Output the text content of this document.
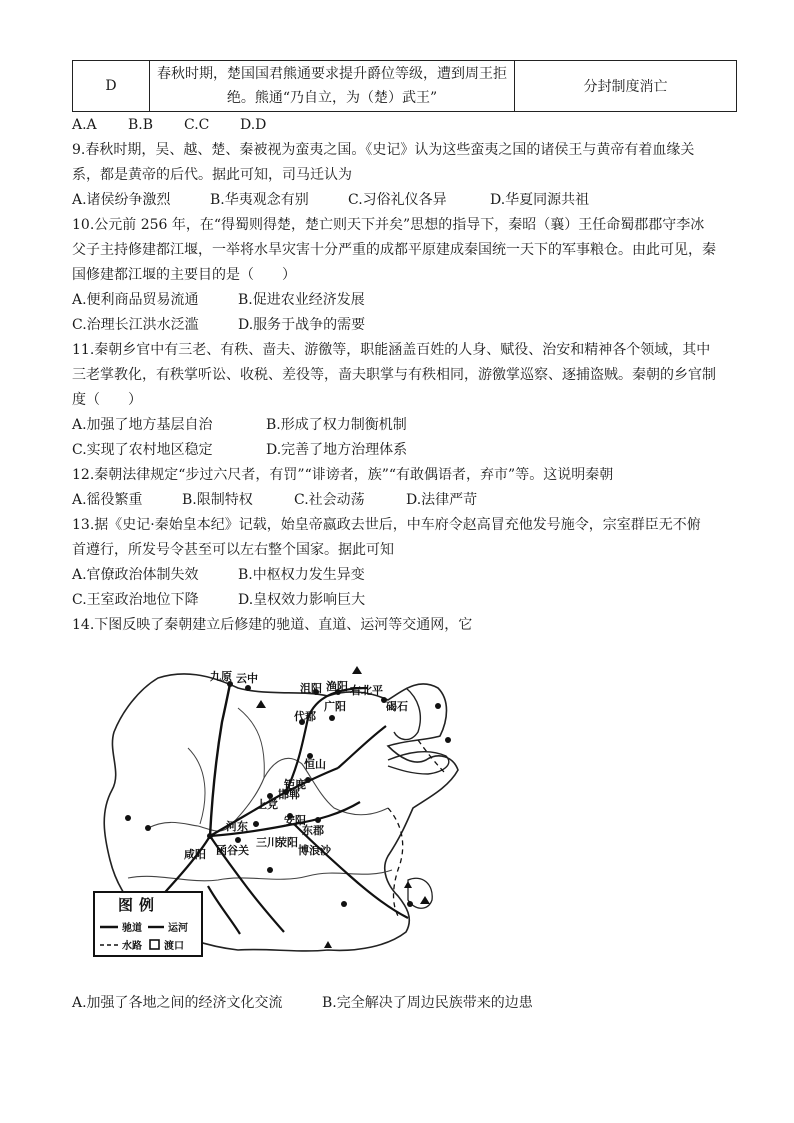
D	
春秋时期，楚国国君熊通要求提升爵位等级，遭到周王拒
绝。熊通“乃自立，为（楚）武王”
	分封制度消亡
A.A B.B C.C D.D
9.春秋时期，吴、越、楚、秦被视为蛮夷之国。《史记》认为这些蛮夷之国的诸侯王与黄帝有着血缘关
系，都是黄帝的后代。据此可知，司马迁认为
A.诸侯纷争激烈	B.华夷观念有别	C.习俗礼仪各异	D.华夏同源共祖
10.公元前 256 年，在“得蜀则得楚，楚亡则天下并矣”思想的指导下，秦昭（襄）王任命蜀郡郡守李冰
父子主持修建都江堰，一举将水旱灾害十分严重的成都平原建成秦国统一天下的军事粮仓。由此可见，秦
国修建都江堰的主要目的是（　　）
A.便利商品贸易流通	B.促进农业经济发展
C.治理长江洪水泛滥	D.服务于战争的需要
11.秦朝乡官中有三老、有秩、啬夫、游徼等，职能涵盖百姓的人身、赋役、治安和精神各个领域，其中
三老掌教化，有秩掌听讼、收税、差役等，啬夫职掌与有秩相同，游徼掌巡察、逐捕盗贼。秦朝的乡官制
度（　　）
A.加强了地方基层自治	B.形成了权力制衡机制
C.实现了农村地区稳定	D.完善了地方治理体系
12.秦朝法律规定“步过六尺者，有罚”“诽谤者，族”“有敢偶语者，弃市”等。这说明秦朝
A.徭役繁重	B.限制特权	C.社会动荡	D.法律严苛
13.据《史记·秦始皇本纪》记载，始皇帝嬴政去世后，中车府令赵高冒充他发号施令，宗室群臣无不俯
首遵行，所发号令甚至可以左右整个国家。据此可知
A.官僚政治体制失效	B.中枢权力发生异变
C.王室政治地位下降	D.皇权效力影响巨大
14.下图反映了秦朝建立后修建的驰道、直道、运河等交通网，它
九原 云中
沮阳 渔阳 右北平
代郡
广阳	碣石
恒山
邯郸
钜鹿
上党
安阳
河东	东郡
函谷关
三川
荥阳
博浪沙
咸阳
图例
驰道	运河
水路 渡口
A.加强了各地之间的经济文化交流	B.完全解决了周边民族带来的边患
